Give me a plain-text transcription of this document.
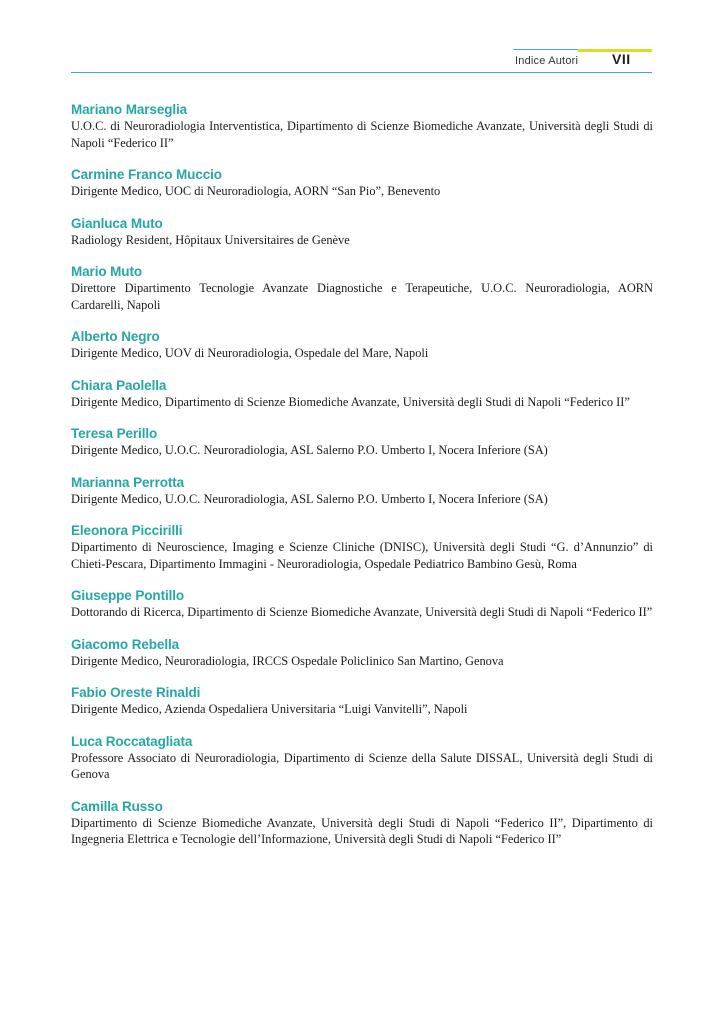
Indice Autori VII
Mariano Marseglia
U.O.C. di Neuroradiologia Interventistica, Dipartimento di Scienze Biomediche Avanzate, Università degli Studi di Napoli “Federico II”
Carmine Franco Muccio
Dirigente Medico, UOC di Neuroradiologia, AORN “San Pio”, Benevento
Gianluca Muto
Radiology Resident, Hôpitaux Universitaires de Genève
Mario Muto
Direttore Dipartimento Tecnologie Avanzate Diagnostiche e Terapeutiche, U.O.C. Neuroradiologia, AORN Cardarelli, Napoli
Alberto Negro
Dirigente Medico, UOV di Neuroradiologia, Ospedale del Mare, Napoli
Chiara Paolella
Dirigente Medico, Dipartimento di Scienze Biomediche Avanzate, Università degli Studi di Napoli “Federico II”
Teresa Perillo
Dirigente Medico, U.O.C. Neuroradiologia, ASL Salerno P.O. Umberto I, Nocera Inferiore (SA)
Marianna Perrotta
Dirigente Medico, U.O.C. Neuroradiologia, ASL Salerno P.O. Umberto I, Nocera Inferiore (SA)
Eleonora Piccirilli
Dipartimento di Neuroscience, Imaging e Scienze Cliniche (DNISC), Università degli Studi “G. d’Annunzio” di Chieti-Pescara, Dipartimento Immagini - Neuroradiologia, Ospedale Pediatrico Bambino Gesù, Roma
Giuseppe Pontillo
Dottorando di Ricerca, Dipartimento di Scienze Biomediche Avanzate, Università degli Studi di Napoli “Federico II”
Giacomo Rebella
Dirigente Medico, Neuroradiologia, IRCCS Ospedale Policlinico San Martino, Genova
Fabio Oreste Rinaldi
Dirigente Medico, Azienda Ospedaliera Universitaria “Luigi Vanvitelli”, Napoli
Luca Roccatagliata
Professore Associato di Neuroradiologia, Dipartimento di Scienze della Salute DISSAL, Università degli Studi di Genova
Camilla Russo
Dipartimento di Scienze Biomediche Avanzate, Università degli Studi di Napoli “Federico II”, Dipartimento di Ingegneria Elettrica e Tecnologie dell’Informazione, Università degli Studi di Napoli “Federico II”
